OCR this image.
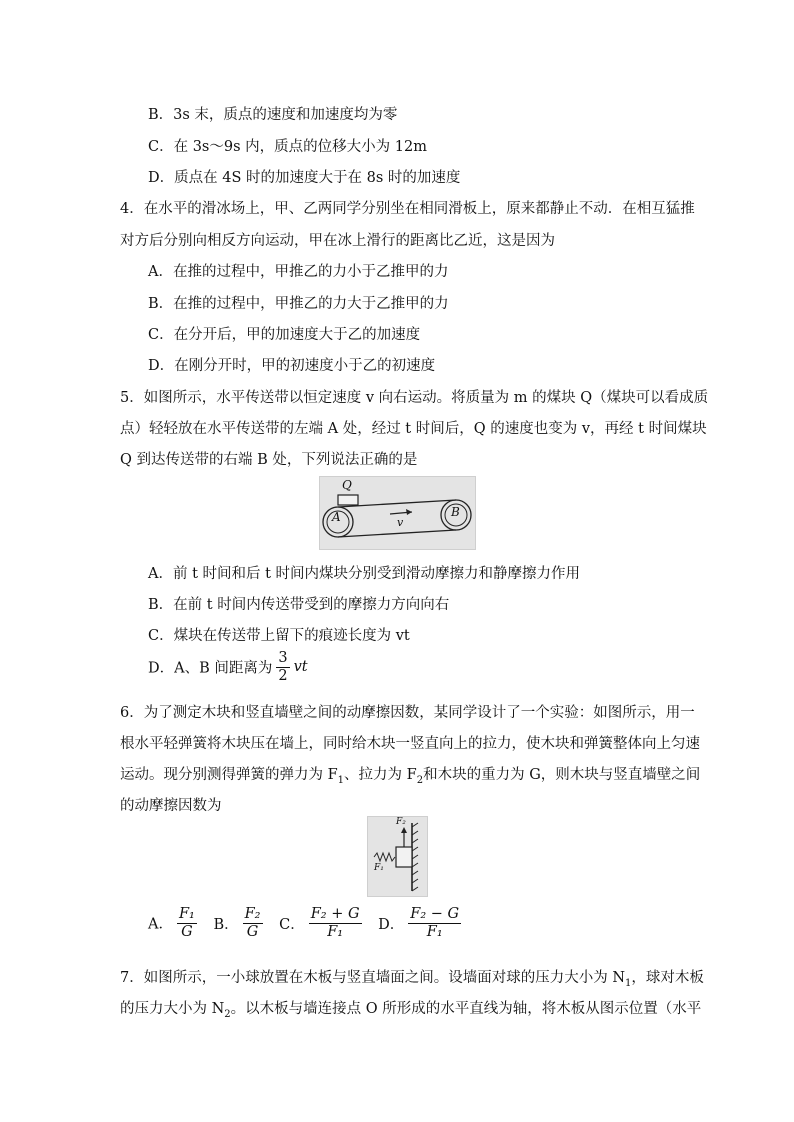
B．3s 末，质点的速度和加速度均为零
C．在 3s～9s 内，质点的位移大小为 12m
D．质点在 4S 时的加速度大于在 8s 时的加速度
4．在水平的滑冰场上，甲、乙两同学分别坐在相同滑板上，原来都静止不动．在相互猛推
对方后分别向相反方向运动，甲在冰上滑行的距离比乙近，这是因为
A．在推的过程中，甲推乙的力小于乙推甲的力
B．在推的过程中，甲推乙的力大于乙推甲的力
C．在分开后，甲的加速度大于乙的加速度
D．在刚分开时，甲的初速度小于乙的初速度
5．如图所示，水平传送带以恒定速度 v 向右运动。将质量为 m 的煤块 Q（煤块可以看成质
点）轻轻放在水平传送带的左端 A 处，经过 t 时间后，Q 的速度也变为 v，再经 t 时间煤块
Q 到达传送带的右端 B 处，下列说法正确的是
Q
A	B
v
A．前 t 时间和后 t 时间内煤块分别受到滑动摩擦力和静摩擦力作用
B．在前 t 时间内传送带受到的摩擦力方向向右
C．煤块在传送带上留下的痕迹长度为 vt
D．A、B 间距离为 $\frac{3}{2}$ vt
6．为了测定木块和竖直墙壁之间的动摩擦因数，某同学设计了一个实验：如图所示，用一
根水平轻弹簧将木块压在墙上，同时给木块一竖直向上的拉力，使木块和弹簧整体向上匀速
运动。现分别测得弹簧的弹力为 $F_1$、拉力为 $F_2$和木块的重力为 G，则木块与竖直墙壁之间
的动摩擦因数为
F₂
F₁
A． $\frac{\text{F₁}}{G}$ B． $\frac{\text{F₂}}{G}$ C． $\frac{\text{F₂ + G}}{\text{F₁}}$ D． $\frac{\text{F₂ − G}}{\text{F₁}}$
7．如图所示，一小球放置在木板与竖直墙面之间。设墙面对球的压力大小为 $N_1$，球对木板
的压力大小为 $N_2$。以木板与墙连接点 O 所形成的水平直线为轴，将木板从图示位置（水平
